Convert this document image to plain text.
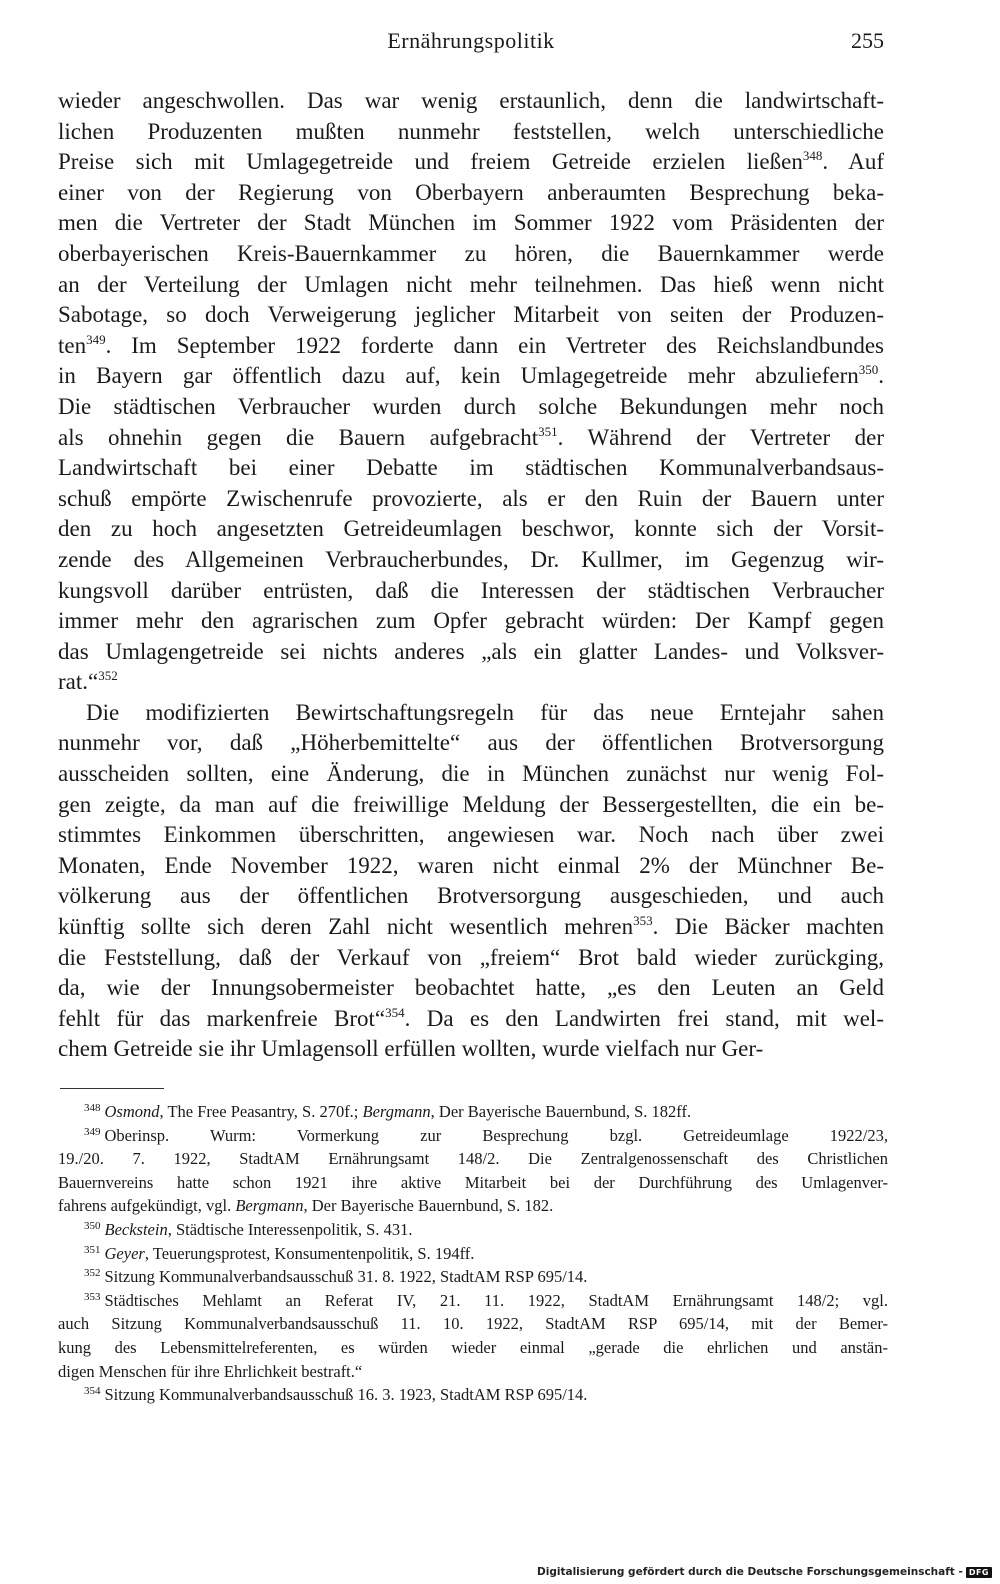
Ernährungspolitik	255
wieder angeschwollen. Das war wenig erstaunlich, denn die landwirtschaft-
lichen Produzenten mußten nunmehr feststellen, welch unterschiedliche
Preise sich mit Umlagegetreide und freiem Getreide erzielen ließen$^{348}$. Auf
einer von der Regierung von Oberbayern anberaumten Besprechung beka-
men die Vertreter der Stadt München im Sommer 1922 vom Präsidenten der
oberbayerischen Kreis-Bauernkammer zu hören, die Bauernkammer werde
an der Verteilung der Umlagen nicht mehr teilnehmen. Das hieß wenn nicht
Sabotage, so doch Verweigerung jeglicher Mitarbeit von seiten der Produzen-
ten$^{349}$. Im September 1922 forderte dann ein Vertreter des Reichslandbundes
in Bayern gar öffentlich dazu auf, kein Umlagegetreide mehr abzuliefern$^{350}$.
Die städtischen Verbraucher wurden durch solche Bekundungen mehr noch
als ohnehin gegen die Bauern aufgebracht$^{351}$. Während der Vertreter der
Landwirtschaft bei einer Debatte im städtischen Kommunalverbandsaus-
schuß empörte Zwischenrufe provozierte, als er den Ruin der Bauern unter
den zu hoch angesetzten Getreideumlagen beschwor, konnte sich der Vorsit-
zende des Allgemeinen Verbraucherbundes, Dr. Kullmer, im Gegenzug wir-
kungsvoll darüber entrüsten, daß die Interessen der städtischen Verbraucher
immer mehr den agrarischen zum Opfer gebracht würden: Der Kampf gegen
das Umlagengetreide sei nichts anderes „als ein glatter Landes- und Volksver-
rat.“$^{352}$
Die modifizierten Bewirtschaftungsregeln für das neue Erntejahr sahen
nunmehr vor, daß „Höherbemittelte“ aus der öffentlichen Brotversorgung
ausscheiden sollten, eine Änderung, die in München zunächst nur wenig Fol-
gen zeigte, da man auf die freiwillige Meldung der Bessergestellten, die ein be-
stimmtes Einkommen überschritten, angewiesen war. Noch nach über zwei
Monaten, Ende November 1922, waren nicht einmal 2% der Münchner Be-
völkerung aus der öffentlichen Brotversorgung ausgeschieden, und auch
künftig sollte sich deren Zahl nicht wesentlich mehren$^{353}$. Die Bäcker machten
die Feststellung, daß der Verkauf von „freiem“ Brot bald wieder zurückging,
da, wie der Innungsobermeister beobachtet hatte, „es den Leuten an Geld
fehlt für das markenfreie Brot“$^{354}$. Da es den Landwirten frei stand, mit wel-
chem Getreide sie ihr Umlagensoll erfüllen wollten, wurde vielfach nur Ger-
$^{348}$ Osmond, The Free Peasantry, S. 270f.; Bergmann, Der Bayerische Bauernbund, S. 182ff.
$^{349}$ Oberinsp. Wurm: Vormerkung zur Besprechung bzgl. Getreideumlage 1922/23,
19./20. 7. 1922, StadtAM Ernährungsamt 148/2. Die Zentralgenossenschaft des Christlichen
Bauernvereins hatte schon 1921 ihre aktive Mitarbeit bei der Durchführung des Umlagenver-
fahrens aufgekündigt, vgl. Bergmann, Der Bayerische Bauernbund, S. 182.
$^{350}$ Beckstein, Städtische Interessenpolitik, S. 431.
$^{351}$ Geyer, Teuerungsprotest, Konsumentenpolitik, S. 194ff.
$^{352}$ Sitzung Kommunalverbandsausschuß 31. 8. 1922, StadtAM RSP 695/14.
$^{353}$ Städtisches Mehlamt an Referat IV, 21. 11. 1922, StadtAM Ernährungsamt 148/2; vgl.
auch Sitzung Kommunalverbandsausschuß 11. 10. 1922, StadtAM RSP 695/14, mit der Bemer-
kung des Lebensmittelreferenten, es würden wieder einmal „gerade die ehrlichen und anstän-
digen Menschen für ihre Ehrlichkeit bestraft.“
$^{354}$ Sitzung Kommunalverbandsausschuß 16. 3. 1923, StadtAM RSP 695/14.
Digitalisierung gefördert durch die Deutsche Forschungsgemeinschaft - DFG
